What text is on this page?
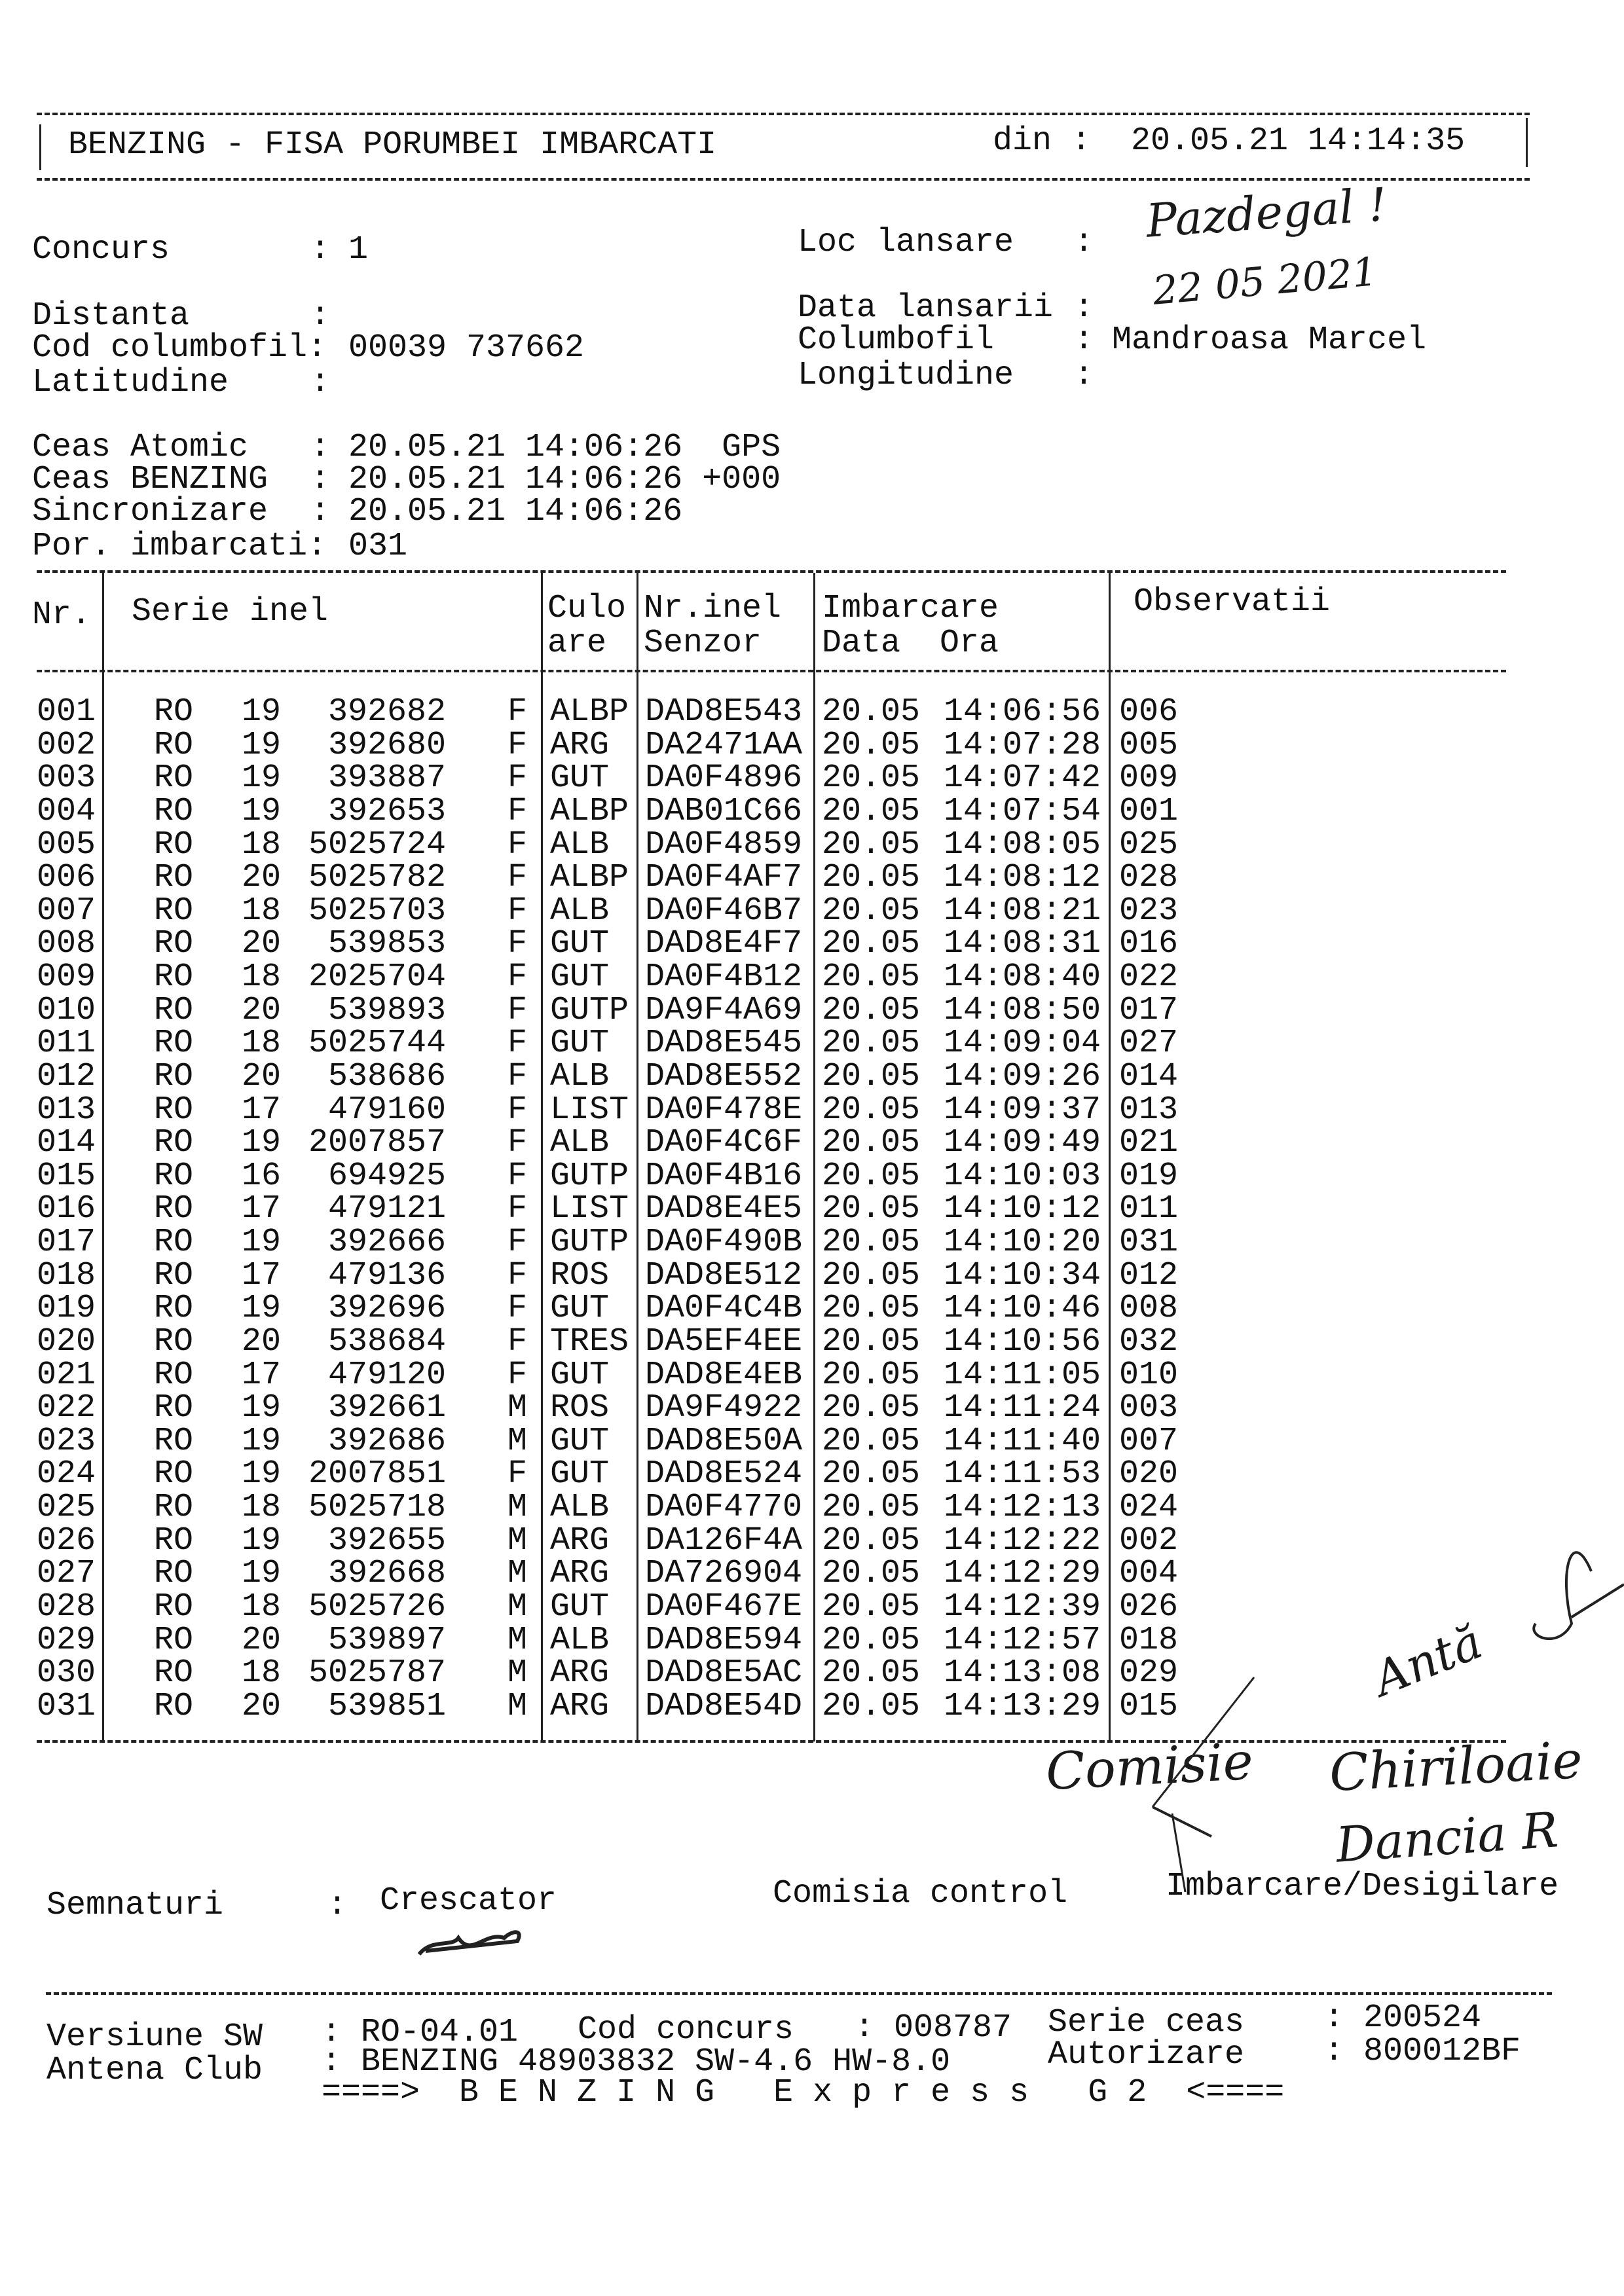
BENZING - FISA PORUMBEI IMBARCATI	din : 20.05.21 14:14:35
Concurs	: 1
Distanta	:
Cod columbofil : 00039 737662
Latitudine :
Loc lansare : Pazdegal !
Data lansarii : 22 05 2021
Columbofil : Mandroasa Marcel
Longitudine :
Ceas Atomic : 20.05.21 14:06:26  GPS
Ceas BENZING : 20.05.21 14:06:26 +000
Sincronizare : 20.05.21 14:06:26
Por. imbarcati : 031
Nr. Serie inel	Culo
are
Nr.inel
Senzor
Imbarcare
Data  Ora
Observatii
001 RO 19	392682 F ALBP DAD8E543 20.05 14:06:56 006
002 RO 19	392680 F ARG DA2471AA 20.05 14:07:28 005
003 RO 19	393887 F GUT DA0F4896 20.05 14:07:42 009
004 RO 19	392653 F ALBP DAB01C66 20.05 14:07:54 001
005 RO 18 5025724 F ALB DA0F4859 20.05 14:08:05 025
006 RO 20 5025782 F ALBP DA0F4AF7 20.05 14:08:12 028
007 RO 18 5025703 F ALB DA0F46B7 20.05 14:08:21 023
008 RO 20	539853 F GUT DAD8E4F7 20.05 14:08:31 016
009 RO 18 2025704 F GUT DA0F4B12 20.05 14:08:40 022
010 RO 20	539893 F GUTP DA9F4A69 20.05 14:08:50 017
011 RO 18 5025744 F GUT DAD8E545 20.05 14:09:04 027
012 RO 20	538686 F ALB DAD8E552 20.05 14:09:26 014
013 RO 17	479160 F LIST DA0F478E 20.05 14:09:37 013
014 RO 19 2007857 F ALB DA0F4C6F 20.05 14:09:49 021
015 RO 16	694925 F GUTP DA0F4B16 20.05 14:10:03 019
016 RO 17	479121 F LIST DAD8E4E5 20.05 14:10:12 011
017 RO 19	392666 F GUTP DA0F490B 20.05 14:10:20 031
018 RO 17	479136 F ROS DAD8E512 20.05 14:10:34 012
019 RO 19	392696 F GUT DA0F4C4B 20.05 14:10:46 008
020 RO 20	538684 F TRES DA5EF4EE 20.05 14:10:56 032
021 RO 17	479120 F GUT DAD8E4EB 20.05 14:11:05 010
022 RO 19	392661 M ROS DA9F4922 20.05 14:11:24 003
023 RO 19	392686 M GUT DAD8E50A 20.05 14:11:40 007
024 RO 19 2007851 F GUT DAD8E524 20.05 14:11:53 020
025 RO 18 5025718 M ALB DA0F4770 20.05 14:12:13 024
026 RO 19	392655 M ARG DA126F4A 20.05 14:12:22 002
027 RO 19	392668 M ARG DA726904 20.05 14:12:29 004
028 RO 18 5025726 M GUT DA0F467E 20.05 14:12:39 026
029 RO 20	539897 M ALB DAD8E594 20.05 14:12:57 018
030 RO 18 5025787 M ARG DAD8E5AC 20.05 14:13:08 029
031 RO 20	539851 M ARG DAD8E54D 20.05 14:13:29 015
Semnaturi	: Crescator	Comisia control	Imbarcare/Desigilare
Comisie
Antă
Chiriloaie
Dancia R
Versiune SW : RO-04.01 Cod concurs : 008787 Serie ceas : 200524
Antena Club : BENZING 48903832 SW-4.6 HW-8.0	Autorizare : 800012BF
====>  B E N Z I N G   E x p r e s s   G 2  <====
